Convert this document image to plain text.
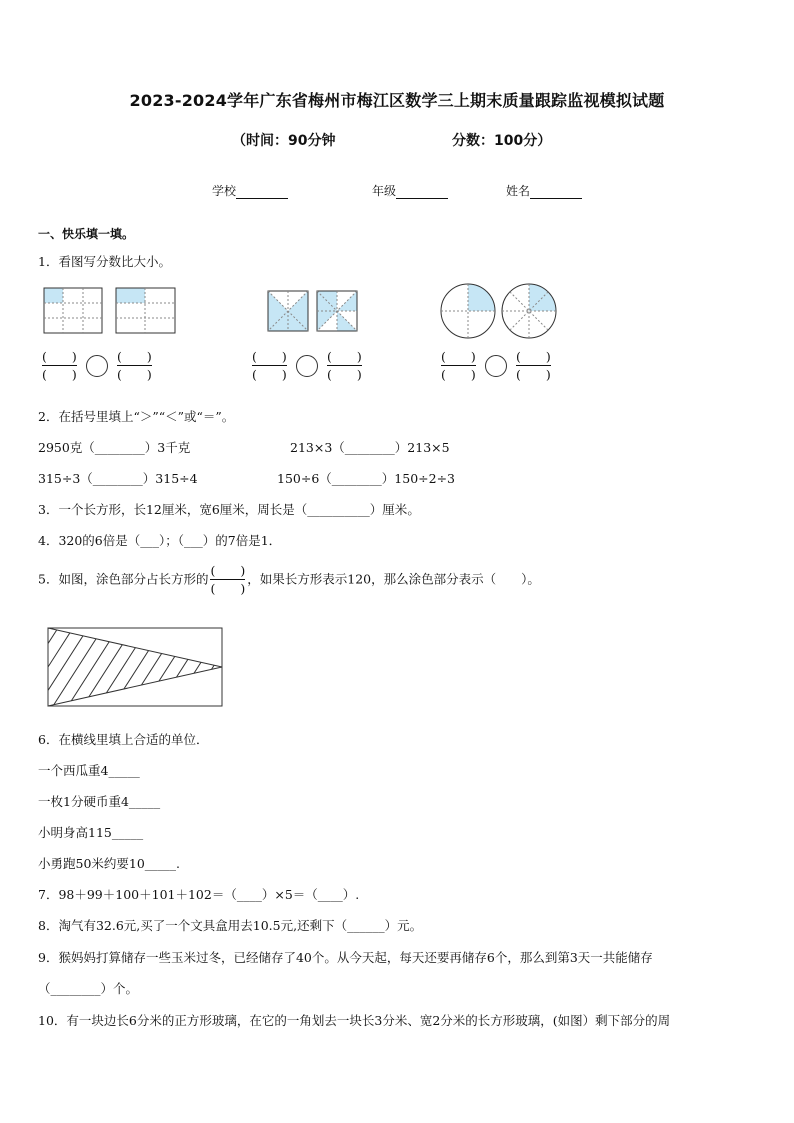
2023-2024学年广东省梅州市梅江区数学三上期末质量跟踪监视模拟试题
（时间：90分钟	分数：100分）
学校	年级	姓名
一、快乐填一填。
1．看图写分数比大小。
$\frac{( )}{( )}$
	$\frac{( )}{( )}$	$\frac{( )}{( )}$
	$\frac{( )}{( )}$	$\frac{( )}{( )}$
	$\frac{( )}{( )}$
2．在括号里填上“＞”“＜”或“＝”。
2950克（________）3千克	213×3（________）213×5
315÷3（________）315÷4	150÷6（________）150÷2÷3
3．一个长方形，长12厘米，宽6厘米，周长是（__________）厘米。
4．320的6倍是（___）；（___）的7倍是1．
5．如图，涂色部分占长方形的 $\frac{( )}{( )}$ ，如果长方形表示120，那么涂色部分表示（　　）。
6．在横线里填上合适的单位．
一个西瓜重4_____
一枚1分硬币重4_____
小明身高115_____
小勇跑50米约要10_____.
7．98＋99＋100＋101＋102＝（____）×5＝（____）.
8．淘气有32.6元,买了一个文具盒用去10.5元,还剩下（______）元。
9．猴妈妈打算储存一些玉米过冬，已经储存了40个。从今天起，每天还要再储存6个，那么到第3天一共能储存
（________）个。
10．有一块边长6分米的正方形玻璃，在它的一角划去一块长3分米、宽2分米的长方形玻璃，(如图）剩下部分的周
